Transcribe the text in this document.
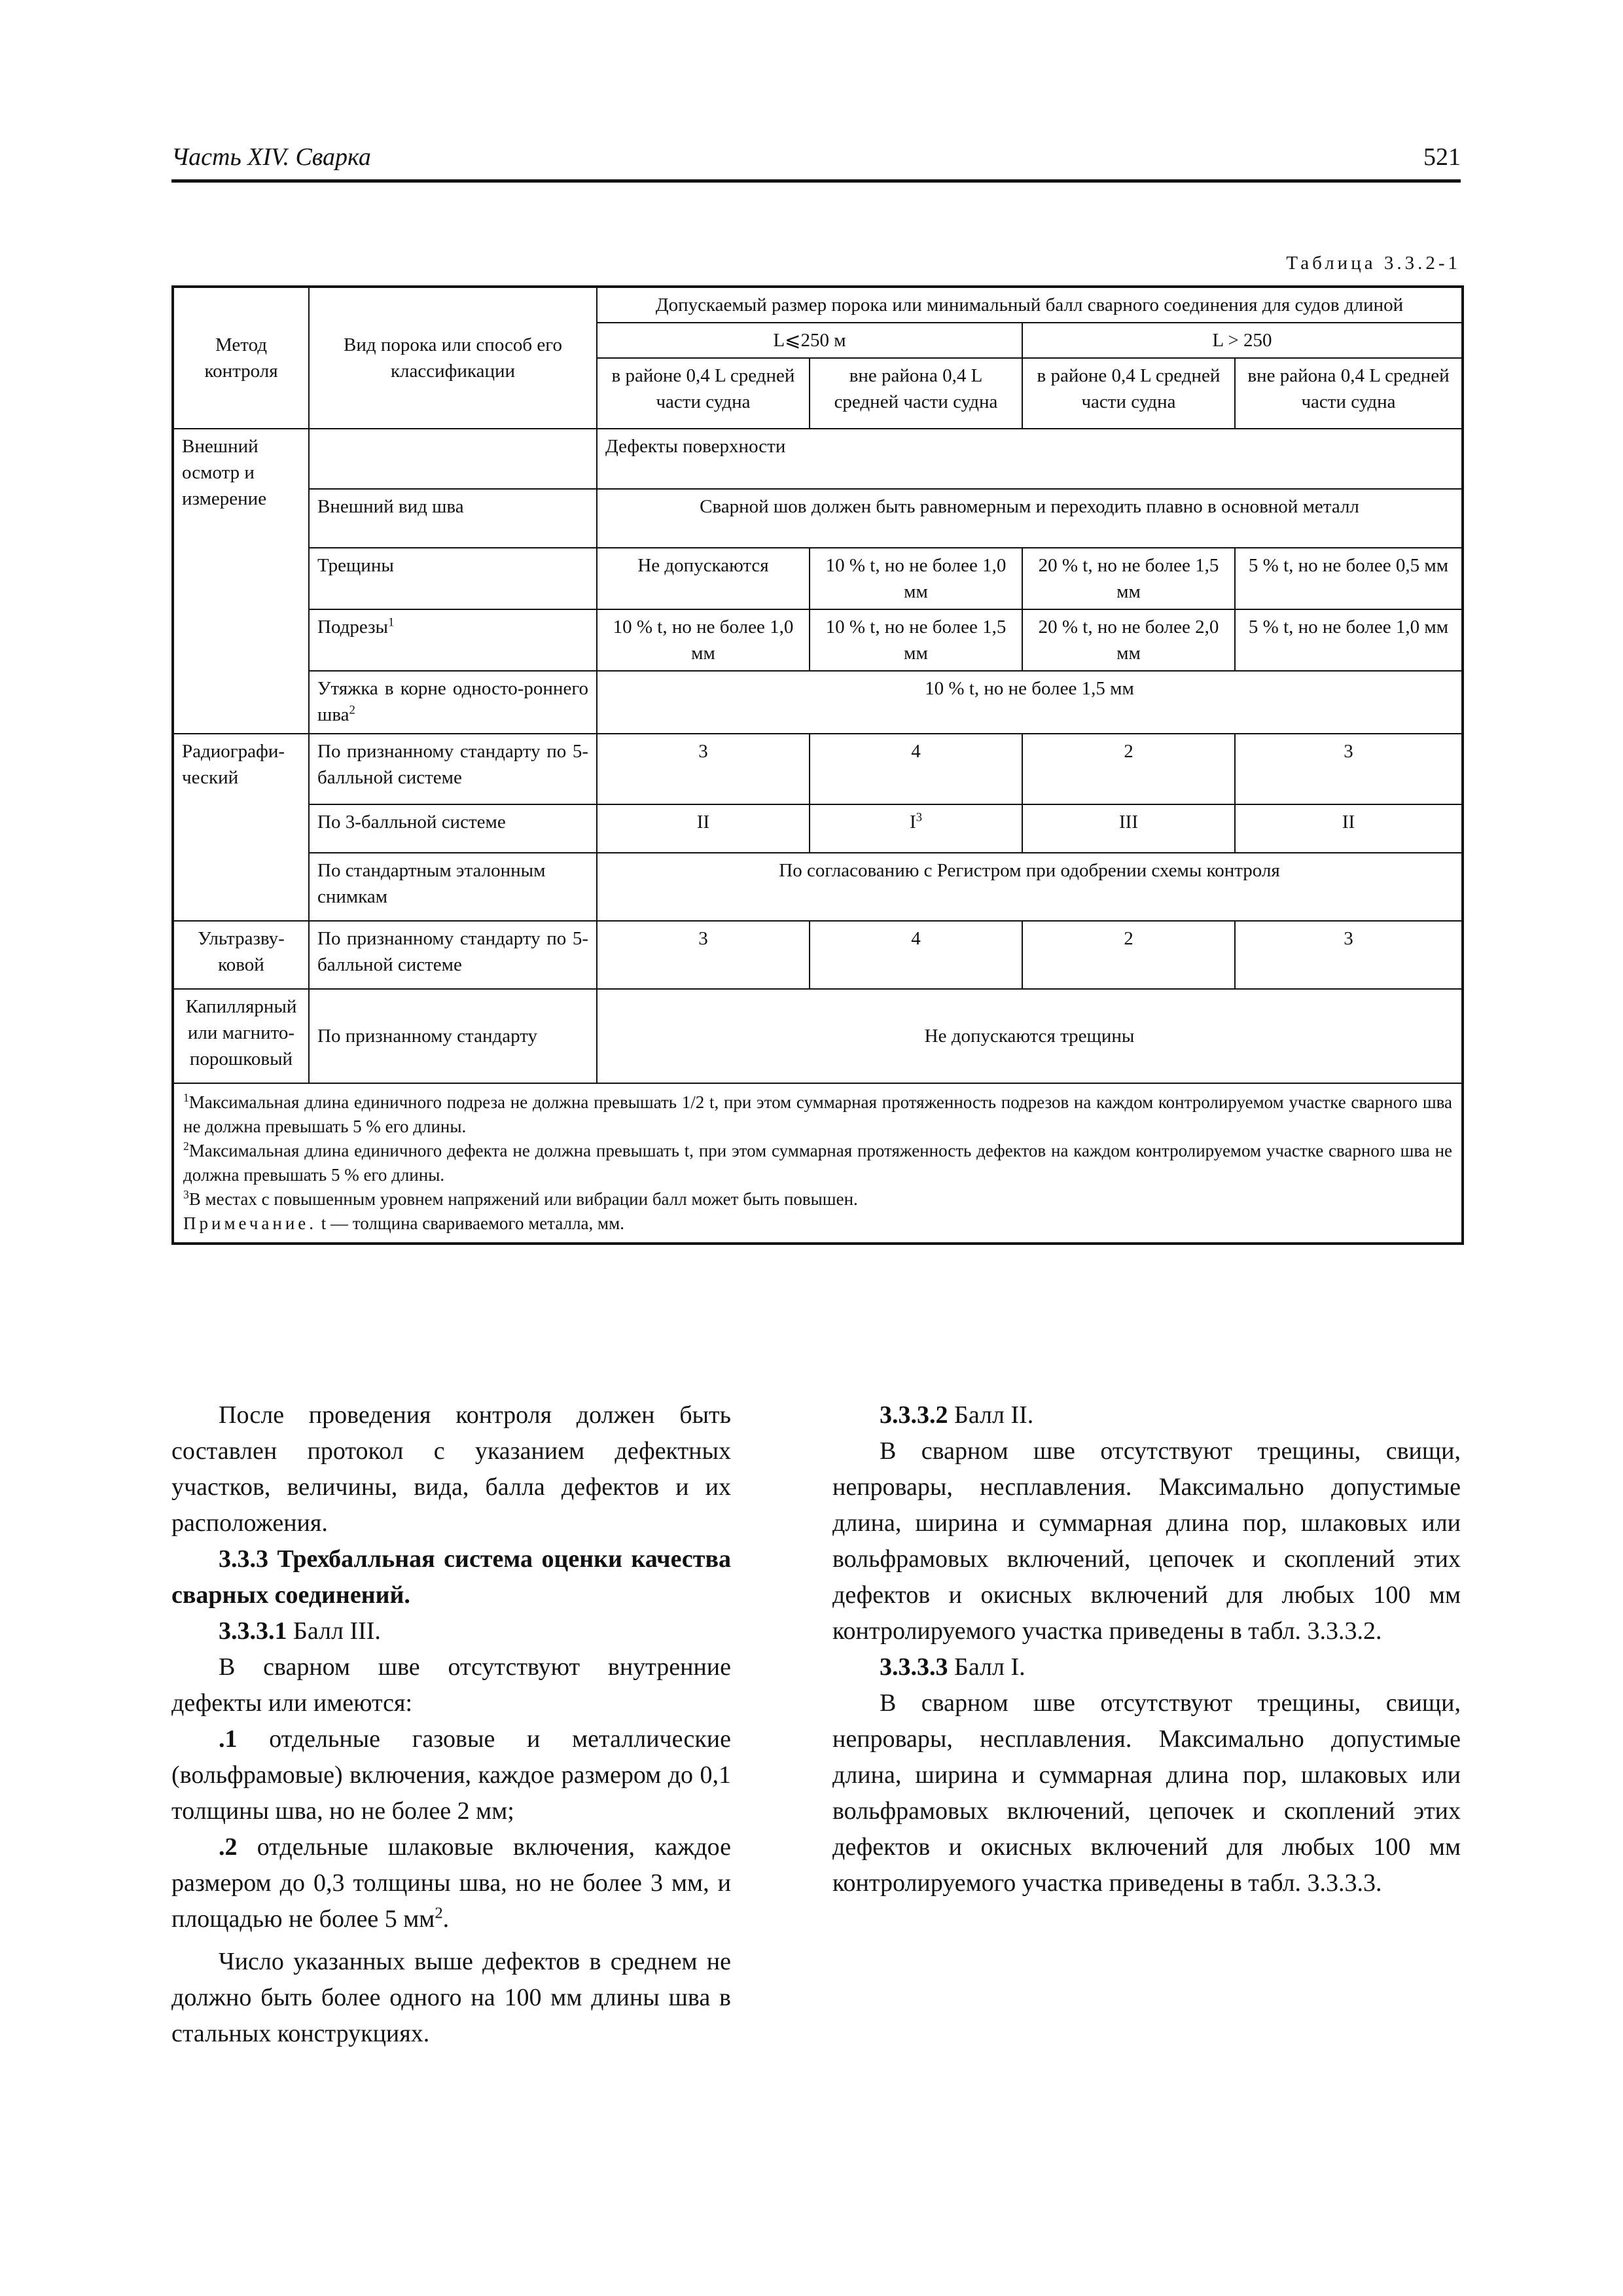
Часть XIV. Сварка	521
Таблица 3.3.2-1
Метод контроля	Вид порока или способ его классификации	Допускаемый размер порока или минимальный балл сварного соединения для судов длиной			
		L⩽250 м		L > 250	
		в районе 0,4 L средней части судна	вне района 0,4 L средней части судна	в районе 0,4 L средней части судна	вне района 0,4 L средней части судна
Внешний осмотр и измерение		Дефекты поверхности			
	Внешний вид шва	Сварной шов должен быть равномерным и переходить плавно в основной металл			
	Трещины	Не допускаются	10 % t, но не более 1,0 мм	20 % t, но не более 1,5 мм	5 % t, но не более 0,5 мм
	Подрезы$^1$	10 % t, но не более 1,0 мм	10 % t, но не более 1,5 мм	20 % t, но не более 2,0 мм	5 % t, но не более 1,0 мм
	Утяжка в корне односто-роннего шва$^2$	10 % t, но не более 1,5 мм			
Радиографи-ческий	По признанному стандарту по 5-балльной системе	3	4	2	3
	По 3-балльной системе	II	$I^3$	III	II
	По стандартным эталонным снимкам	По согласованию с Регистром при одобрении схемы контроля			
Ультразву-ковой	По признанному стандарту по 5-балльной системе	3	4	2	3
Капиллярный или магнито-порошковый	По признанному стандарту	Не допускаются трещины			

$^1$Максимальная длина единичного подреза не должна превышать 1/2 t, при этом суммарная протяженность подрезов на каждом контролируемом участке сварного шва не должна превышать 5 % его длины.
$^2$Максимальная длина единичного дефекта не должна превышать t, при этом суммарная протяженность дефектов на каждом контролируемом участке сварного шва не должна превышать 5 % его длины.
$^3$В местах с повышенным уровнем напряжений или вибрации балл может быть повышен.
Примечание. t — толщина свариваемого металла, мм.					

После проведения контроля должен быть составлен протокол с указанием дефектных участков, величины, вида, балла дефектов и их расположения.

3.3.3 Трехбалльная система оценки качества сварных соединений.

3.3.3.1 Балл III.

В сварном шве отсутствуют внутренние дефекты или имеются:

.1 отдельные газовые и металлические (вольфрамовые) включения, каждое размером до 0,1 толщины шва, но не более 2 мм;

.2 отдельные шлаковые включения, каждое размером до 0,3 толщины шва, но не более 3 мм, и площадью не более 5 $мм^2$.

Число указанных выше дефектов в среднем не должно быть более одного на 100 мм длины шва в стальных конструкциях.

3.3.3.2 Балл II.

В сварном шве отсутствуют трещины, свищи, непровары, несплавления. Максимально допустимые длина, ширина и суммарная длина пор, шлаковых или вольфрамовых включений, цепочек и скоплений этих дефектов и окисных включений для любых 100 мм контролируемого участка приведены в табл. 3.3.3.2.

3.3.3.3 Балл I.

В сварном шве отсутствуют трещины, свищи, непровары, несплавления. Максимально допустимые длина, ширина и суммарная длина пор, шлаковых или вольфрамовых включений, цепочек и скоплений этих дефектов и окисных включений для любых 100 мм контролируемого участка приведены в табл. 3.3.3.3.
